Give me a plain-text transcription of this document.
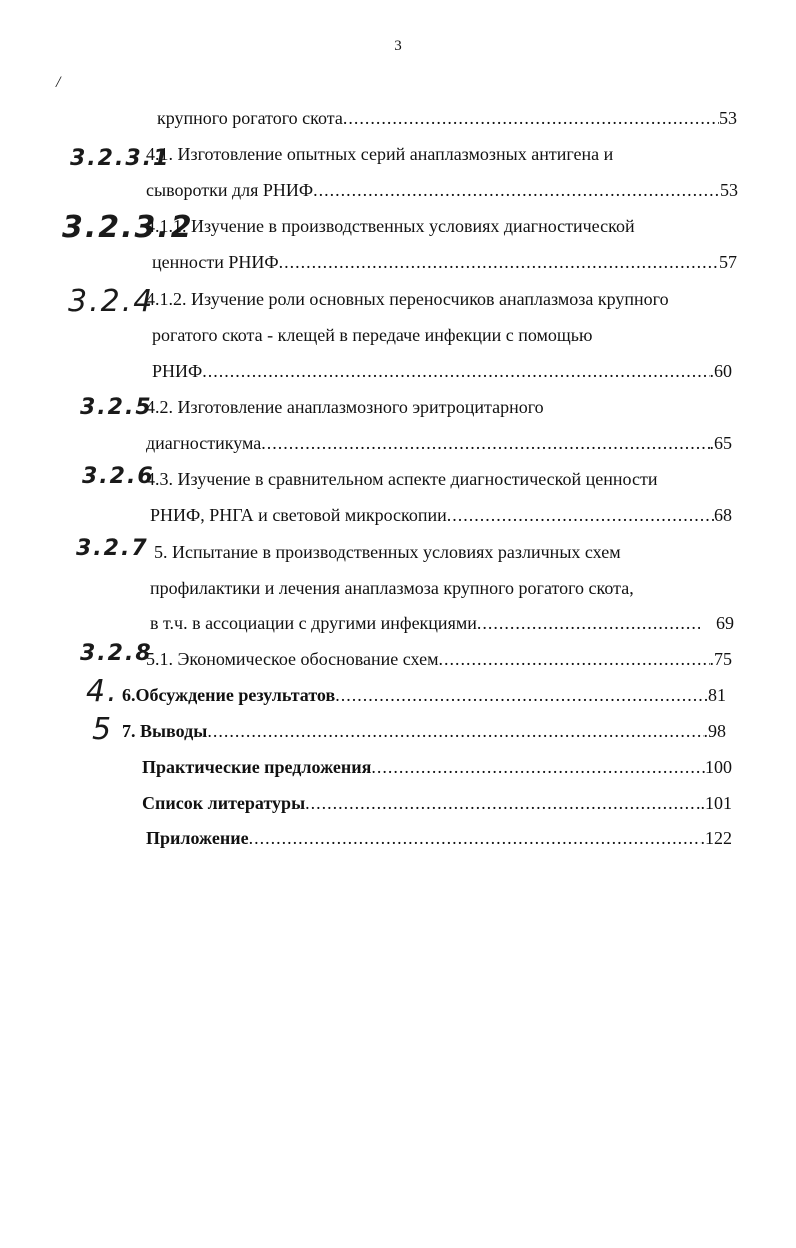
3
/
3.2.3.1
3.2.3.2
3.2.4
3.2.5
3.2.6
3.2.7
3.2.8
4.
5
крупного рогатого скота .....	53
4.1. Изготовление опытных серий анаплазмозных антигена и
сыворотки для РНИФ .....	53
4.1.1. Изучение в производственных условиях диагностической
ценности РНИФ .....	57
4.1.2. Изучение роли основных переносчиков анаплазмоза крупного
рогатого скота - клещей в передаче инфекции с помощью
РНИФ .....	.60
4.2. Изготовление анаплазмозного эритроцитарного
диагностикума .....	.65
4.3. Изучение в сравнительном аспекте диагностической ценности
РНИФ, РНГА и световой микроскопии .....	68
5. Испытание в производственных условиях различных схем
профилактики и лечения анаплазмоза крупного рогатого скота,
в т.ч. в ассоциации с другими инфекциями .....	69
5.1. Экономическое обоснование схем .....	.75
6.Обсуждение результатов .....	81
7. Выводы .....	.98
Практические предложения .....	100
Список литературы .....	..101
Приложение .....	.122
